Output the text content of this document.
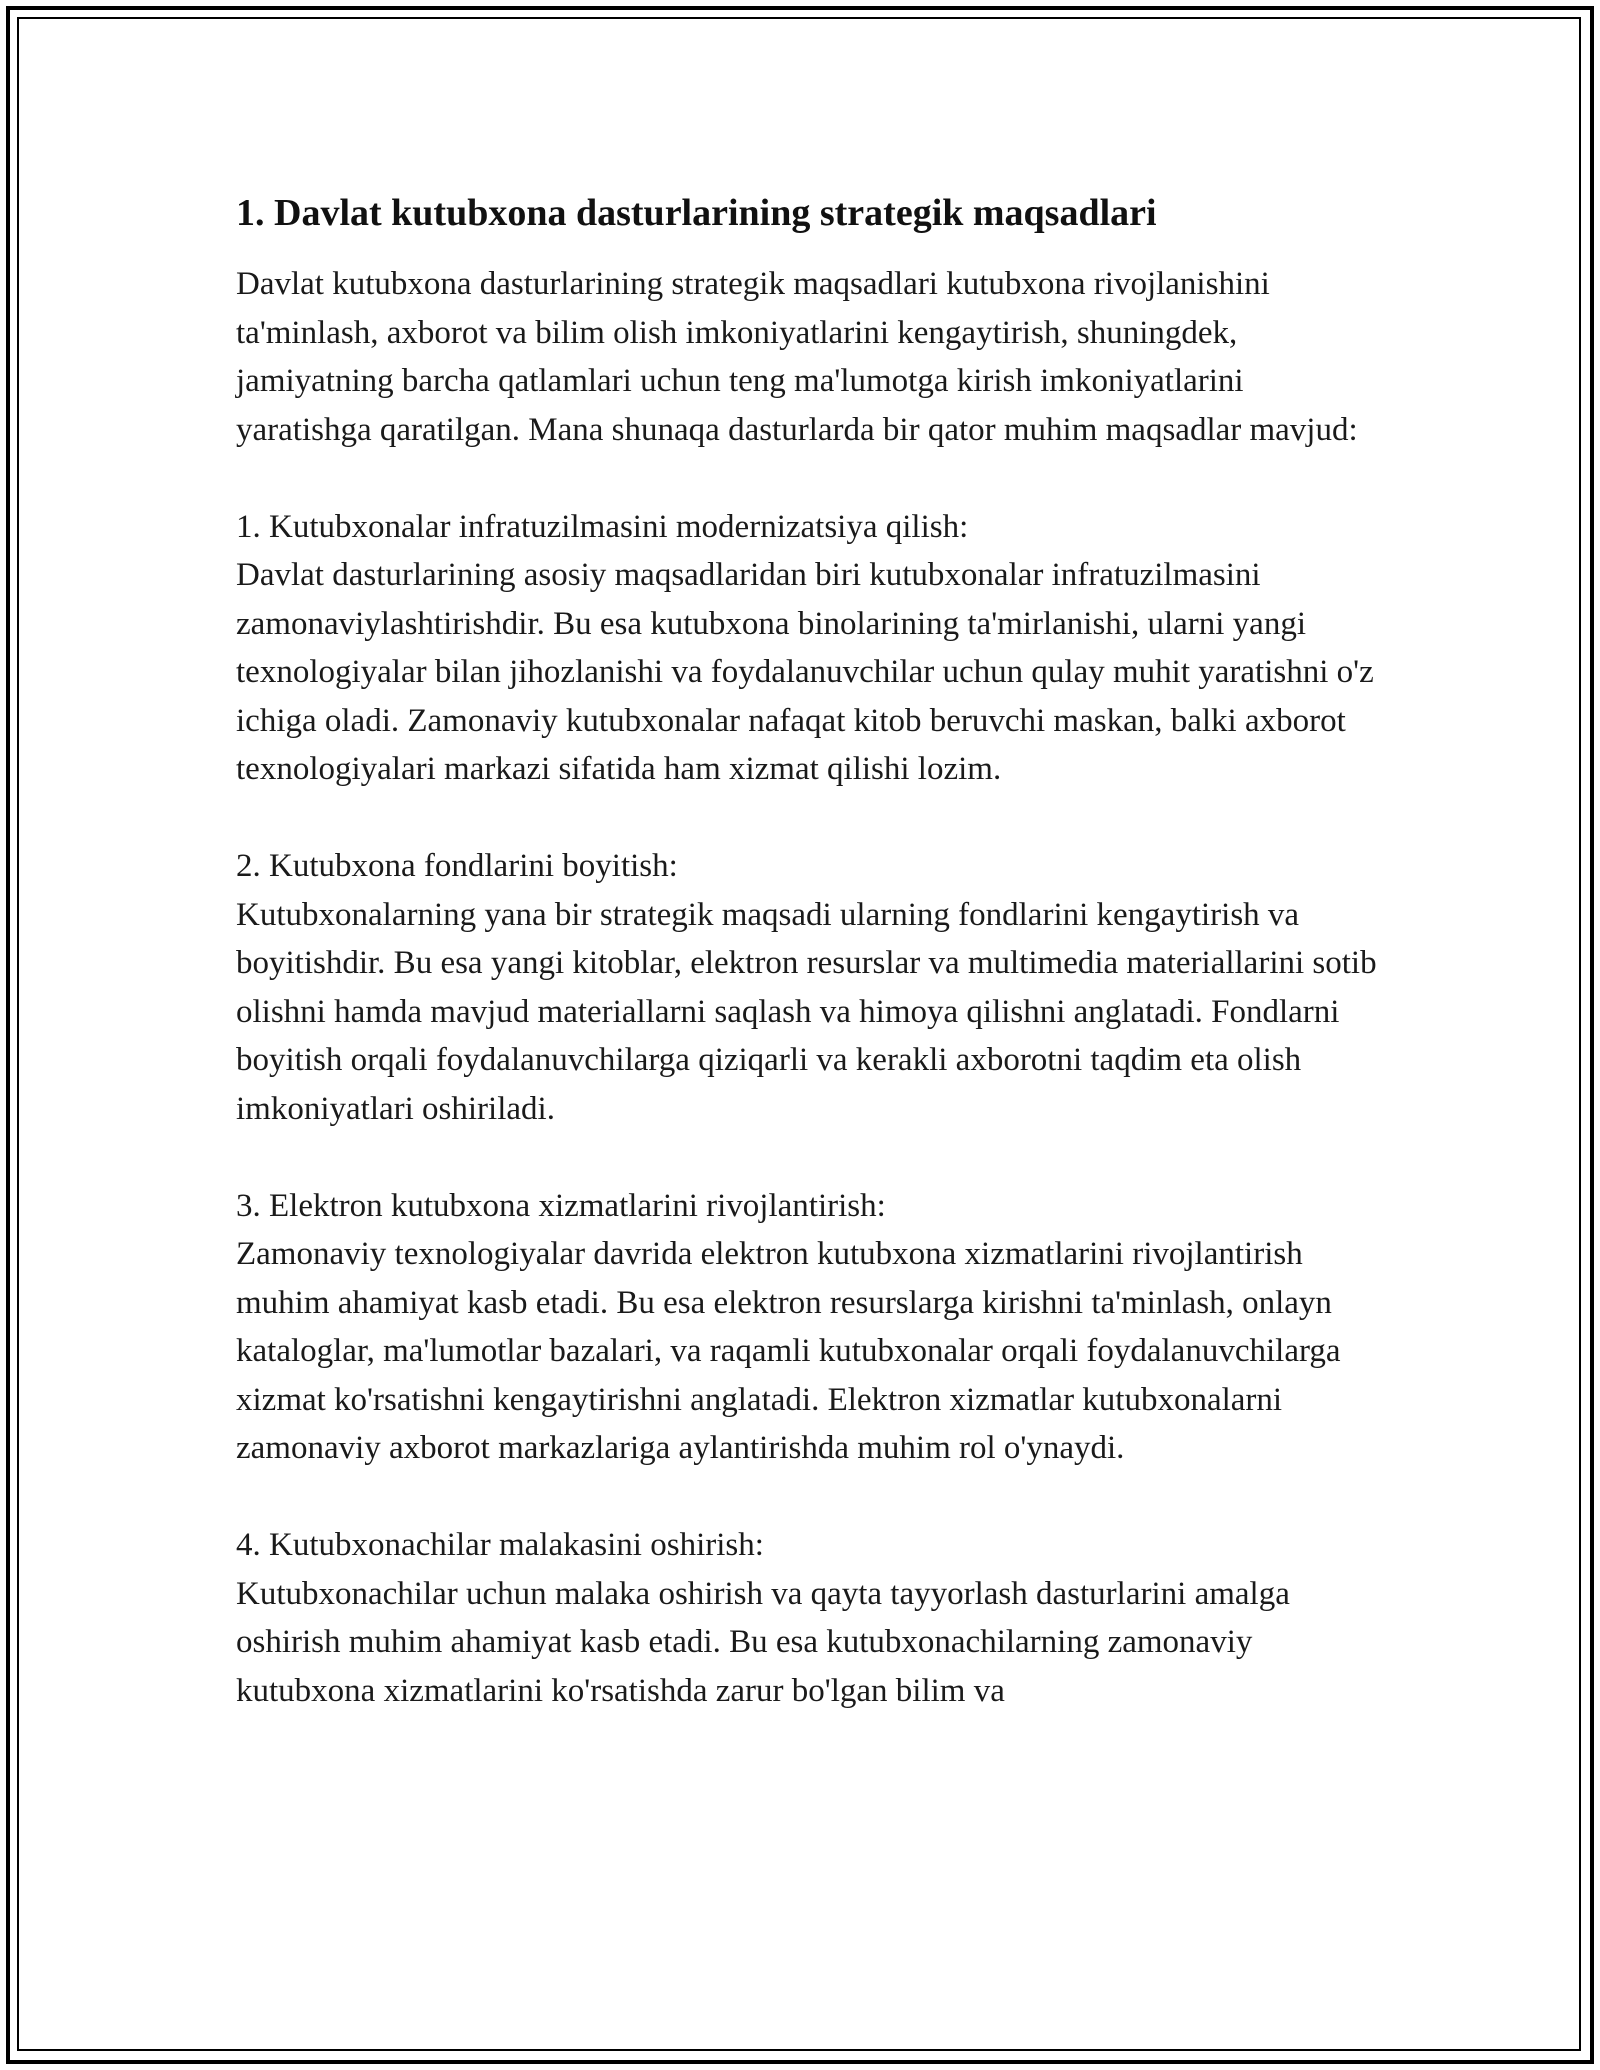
1. Davlat kutubxona dasturlarining strategik maqsadlari

Davlat kutubxona dasturlarining strategik maqsadlari kutubxona rivojlanishini ta'minlash, axborot va bilim olish imkoniyatlarini kengaytirish, shuningdek, jamiyatning barcha qatlamlari uchun teng ma'lumotga kirish imkoniyatlarini yaratishga qaratilgan. Mana shunaqa dasturlarda bir qator muhim maqsadlar mavjud:

1. Kutubxonalar infratuzilmasini modernizatsiya qilish:
Davlat dasturlarining asosiy maqsadlaridan biri kutubxonalar infratuzilmasini zamonaviylashtirishdir. Bu esa kutubxona binolarining ta'mirlanishi, ularni yangi texnologiyalar bilan jihozlanishi va foydalanuvchilar uchun qulay muhit yaratishni o'z ichiga oladi. Zamonaviy kutubxonalar nafaqat kitob beruvchi maskan, balki axborot texnologiyalari markazi sifatida ham xizmat qilishi lozim.

2. Kutubxona fondlarini boyitish:
Kutubxonalarning yana bir strategik maqsadi ularning fondlarini kengaytirish va boyitishdir. Bu esa yangi kitoblar, elektron resurslar va multimedia materiallarini sotib olishni hamda mavjud materiallarni saqlash va himoya qilishni anglatadi. Fondlarni boyitish orqali foydalanuvchilarga qiziqarli va kerakli axborotni taqdim eta olish imkoniyatlari oshiriladi.

3. Elektron kutubxona xizmatlarini rivojlantirish:
Zamonaviy texnologiyalar davrida elektron kutubxona xizmatlarini rivojlantirish muhim ahamiyat kasb etadi. Bu esa elektron resurslarga kirishni ta'minlash, onlayn kataloglar, ma'lumotlar bazalari, va raqamli kutubxonalar orqali foydalanuvchilarga xizmat ko'rsatishni kengaytirishni anglatadi. Elektron xizmatlar kutubxonalarni zamonaviy axborot markazlariga aylantirishda muhim rol o'ynaydi.

4. Kutubxonachilar malakasini oshirish:
Kutubxonachilar uchun malaka oshirish va qayta tayyorlash dasturlarini amalga oshirish muhim ahamiyat kasb etadi. Bu esa kutubxonachilarning zamonaviy kutubxona xizmatlarini ko'rsatishda zarur bo'lgan bilim va
